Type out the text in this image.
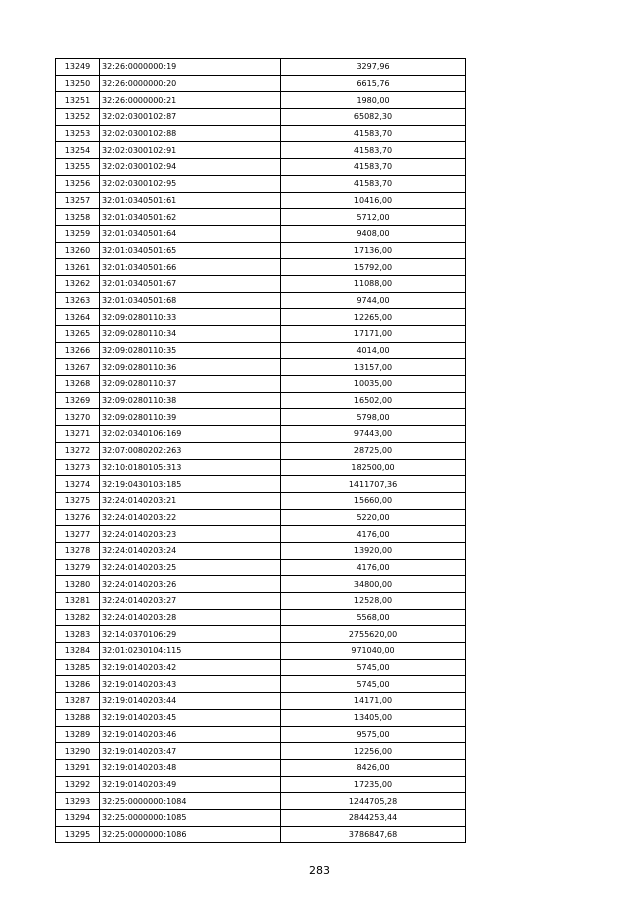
13249	32:26:0000000:19	3297,96
13250	32:26:0000000:20	6615,76
13251	32:26:0000000:21	1980,00
13252	32:02:0300102:87	65082,30
13253	32:02:0300102:88	41583,70
13254	32:02:0300102:91	41583,70
13255	32:02:0300102:94	41583,70
13256	32:02:0300102:95	41583,70
13257	32:01:0340501:61	10416,00
13258	32:01:0340501:62	5712,00
13259	32:01:0340501:64	9408,00
13260	32:01:0340501:65	17136,00
13261	32:01:0340501:66	15792,00
13262	32:01:0340501:67	11088,00
13263	32:01:0340501:68	9744,00
13264	32:09:0280110:33	12265,00
13265	32:09:0280110:34	17171,00
13266	32:09:0280110:35	4014,00
13267	32:09:0280110:36	13157,00
13268	32:09:0280110:37	10035,00
13269	32:09:0280110:38	16502,00
13270	32:09:0280110:39	5798,00
13271	32:02:0340106:169	97443,00
13272	32:07:0080202:263	28725,00
13273	32:10:0180105:313	182500,00
13274	32:19:0430103:185	1411707,36
13275	32:24:0140203:21	15660,00
13276	32:24:0140203:22	5220,00
13277	32:24:0140203:23	4176,00
13278	32:24:0140203:24	13920,00
13279	32:24:0140203:25	4176,00
13280	32:24:0140203:26	34800,00
13281	32:24:0140203:27	12528,00
13282	32:24:0140203:28	5568,00
13283	32:14:0370106:29	2755620,00
13284	32:01:0230104:115	971040,00
13285	32:19:0140203:42	5745,00
13286	32:19:0140203:43	5745,00
13287	32:19:0140203:44	14171,00
13288	32:19:0140203:45	13405,00
13289	32:19:0140203:46	9575,00
13290	32:19:0140203:47	12256,00
13291	32:19:0140203:48	8426,00
13292	32:19:0140203:49	17235,00
13293	32:25:0000000:1084	1244705,28
13294	32:25:0000000:1085	2844253,44
13295	32:25:0000000:1086	3786847,68
283
